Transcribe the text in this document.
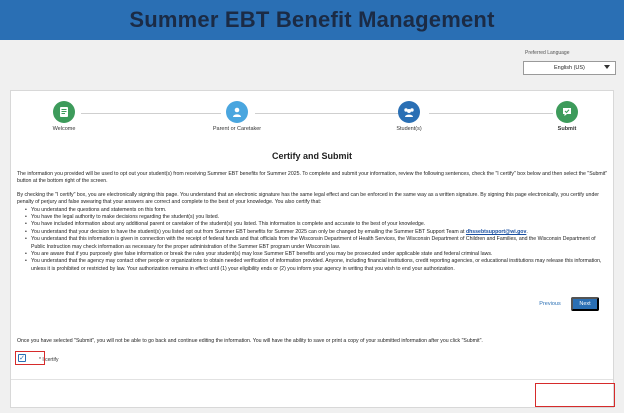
Summer EBT Benefit Management
Preferred Language
English (US)
Welcome	Parent or Caretaker	Student(s)	Submit
Certify and Submit

The information you provided will be used to opt out your student(s) from receiving Summer EBT benefits for Summer 2025. To complete and submit your information, review the following sentences, check the "I certify" box below and then select the "Submit" button at the bottom right of the screen.

By checking the "I certify" box, you are electronically signing this page. You understand that an electronic signature has the same legal effect and can be enforced in the same way as a written signature. By signing this page electronically, you certify under penalty of perjury and false swearing that your answers are correct and complete to the best of your knowledge. You also certify that:

• You understand the questions and statements on this form.
• You have the legal authority to make decisions regarding the student(s) you listed.
• You have included information about any additional parent or caretaker of the student(s) you listed. This information is complete and accurate to the best of your knowledge.
• You understand that your decision to have the student(s) you listed opt out from Summer EBT benefits for Summer 2025 can only be changed by emailing the Summer EBT Support Team at dhssebtsupport@wi.gov.
• You understand that this information is given in connection with the receipt of federal funds and that officials from the Wisconsin Department of Health Services, the Wisconsin Department of Children and Families, and the Wisconsin Department of Public Instruction may check information as necessary for the proper administration of the Summer EBT program under Wisconsin law.
• You are aware that if you purposely give false information or break the rules your student(s) may lose Summer EBT benefits and you may be prosecuted under applicable state and federal criminal laws.
• You understand that the agency may contact other people or organizations to obtain needed verification of information provided. Anyone, including financial institutions, credit reporting agencies, or educational institutions may release this information, unless it is prohibited or restricted by law. Your authorization remains in effect until (1) your eligibility ends or (2) you inform your agency in writing that you wish to end your authorization.
Once you have selected "Submit", you will not be able to go back and continue editing the information. You will have the ability to save or print a copy of your submitted information after you click "Submit".
✓	* I certify
Previous	Next
